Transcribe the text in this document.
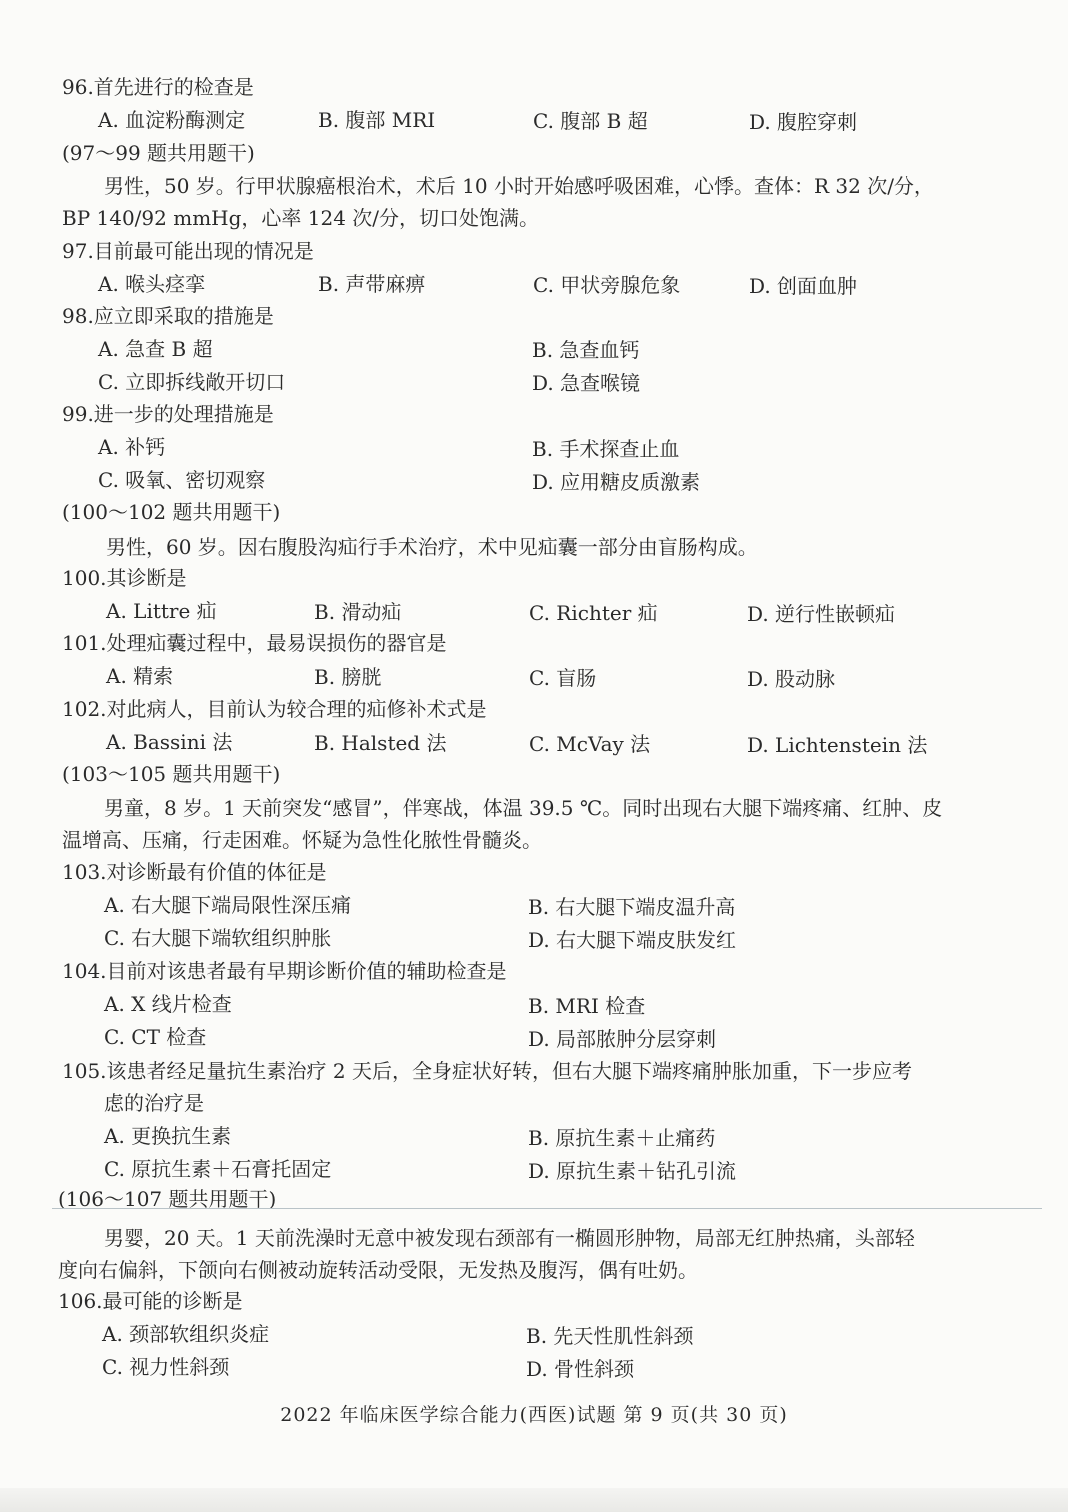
96.首先进行的检查是
A. 血淀粉酶测定	B. 腹部 MRI	C. 腹部 B 超	D. 腹腔穿刺
(97～99 题共用题干)
男性，50 岁。行甲状腺癌根治术，术后 10 小时开始感呼吸困难，心悸。查体：R 32 次/分，
BP 140/92 mmHg，心率 124 次/分，切口处饱满。
97.目前最可能出现的情况是
A. 喉头痉挛	B. 声带麻痹	C. 甲状旁腺危象	D. 创面血肿
98.应立即采取的措施是
A. 急查 B 超	B. 急查血钙
C. 立即拆线敞开切口	D. 急查喉镜
99.进一步的处理措施是
A. 补钙	B. 手术探查止血
C. 吸氧、密切观察	D. 应用糖皮质激素
(100～102 题共用题干)
男性，60 岁。因右腹股沟疝行手术治疗，术中见疝囊一部分由盲肠构成。
100.其诊断是
A. Littre 疝	B. 滑动疝	C. Richter 疝	D. 逆行性嵌顿疝
101.处理疝囊过程中，最易误损伤的器官是
A. 精索	B. 膀胱	C. 盲肠	D. 股动脉
102.对此病人，目前认为较合理的疝修补术式是
A. Bassini 法	B. Halsted 法	C. McVay 法	D. Lichtenstein 法
(103～105 题共用题干)
男童，8 岁。1 天前突发“感冒”，伴寒战，体温 39.5 ℃。同时出现右大腿下端疼痛、红肿、皮
温增高、压痛，行走困难。怀疑为急性化脓性骨髓炎。
103.对诊断最有价值的体征是
A. 右大腿下端局限性深压痛	B. 右大腿下端皮温升高
C. 右大腿下端软组织肿胀	D. 右大腿下端皮肤发红
104.目前对该患者最有早期诊断价值的辅助检查是
A. X 线片检查	B. MRI 检查
C. CT 检查	D. 局部脓肿分层穿刺
105.该患者经足量抗生素治疗 2 天后，全身症状好转，但右大腿下端疼痛肿胀加重，下一步应考
虑的治疗是
A. 更换抗生素	B. 原抗生素＋止痛药
C. 原抗生素＋石膏托固定	D. 原抗生素＋钻孔引流
(106～107 题共用题干)
男婴，20 天。1 天前洗澡时无意中被发现右颈部有一椭圆形肿物，局部无红肿热痛，头部轻
度向右偏斜，下颌向右侧被动旋转活动受限，无发热及腹泻，偶有吐奶。
106.最可能的诊断是
A. 颈部软组织炎症	B. 先天性肌性斜颈
C. 视力性斜颈	D. 骨性斜颈
2022 年临床医学综合能力(西医)试题 第 9 页(共 30 页)
